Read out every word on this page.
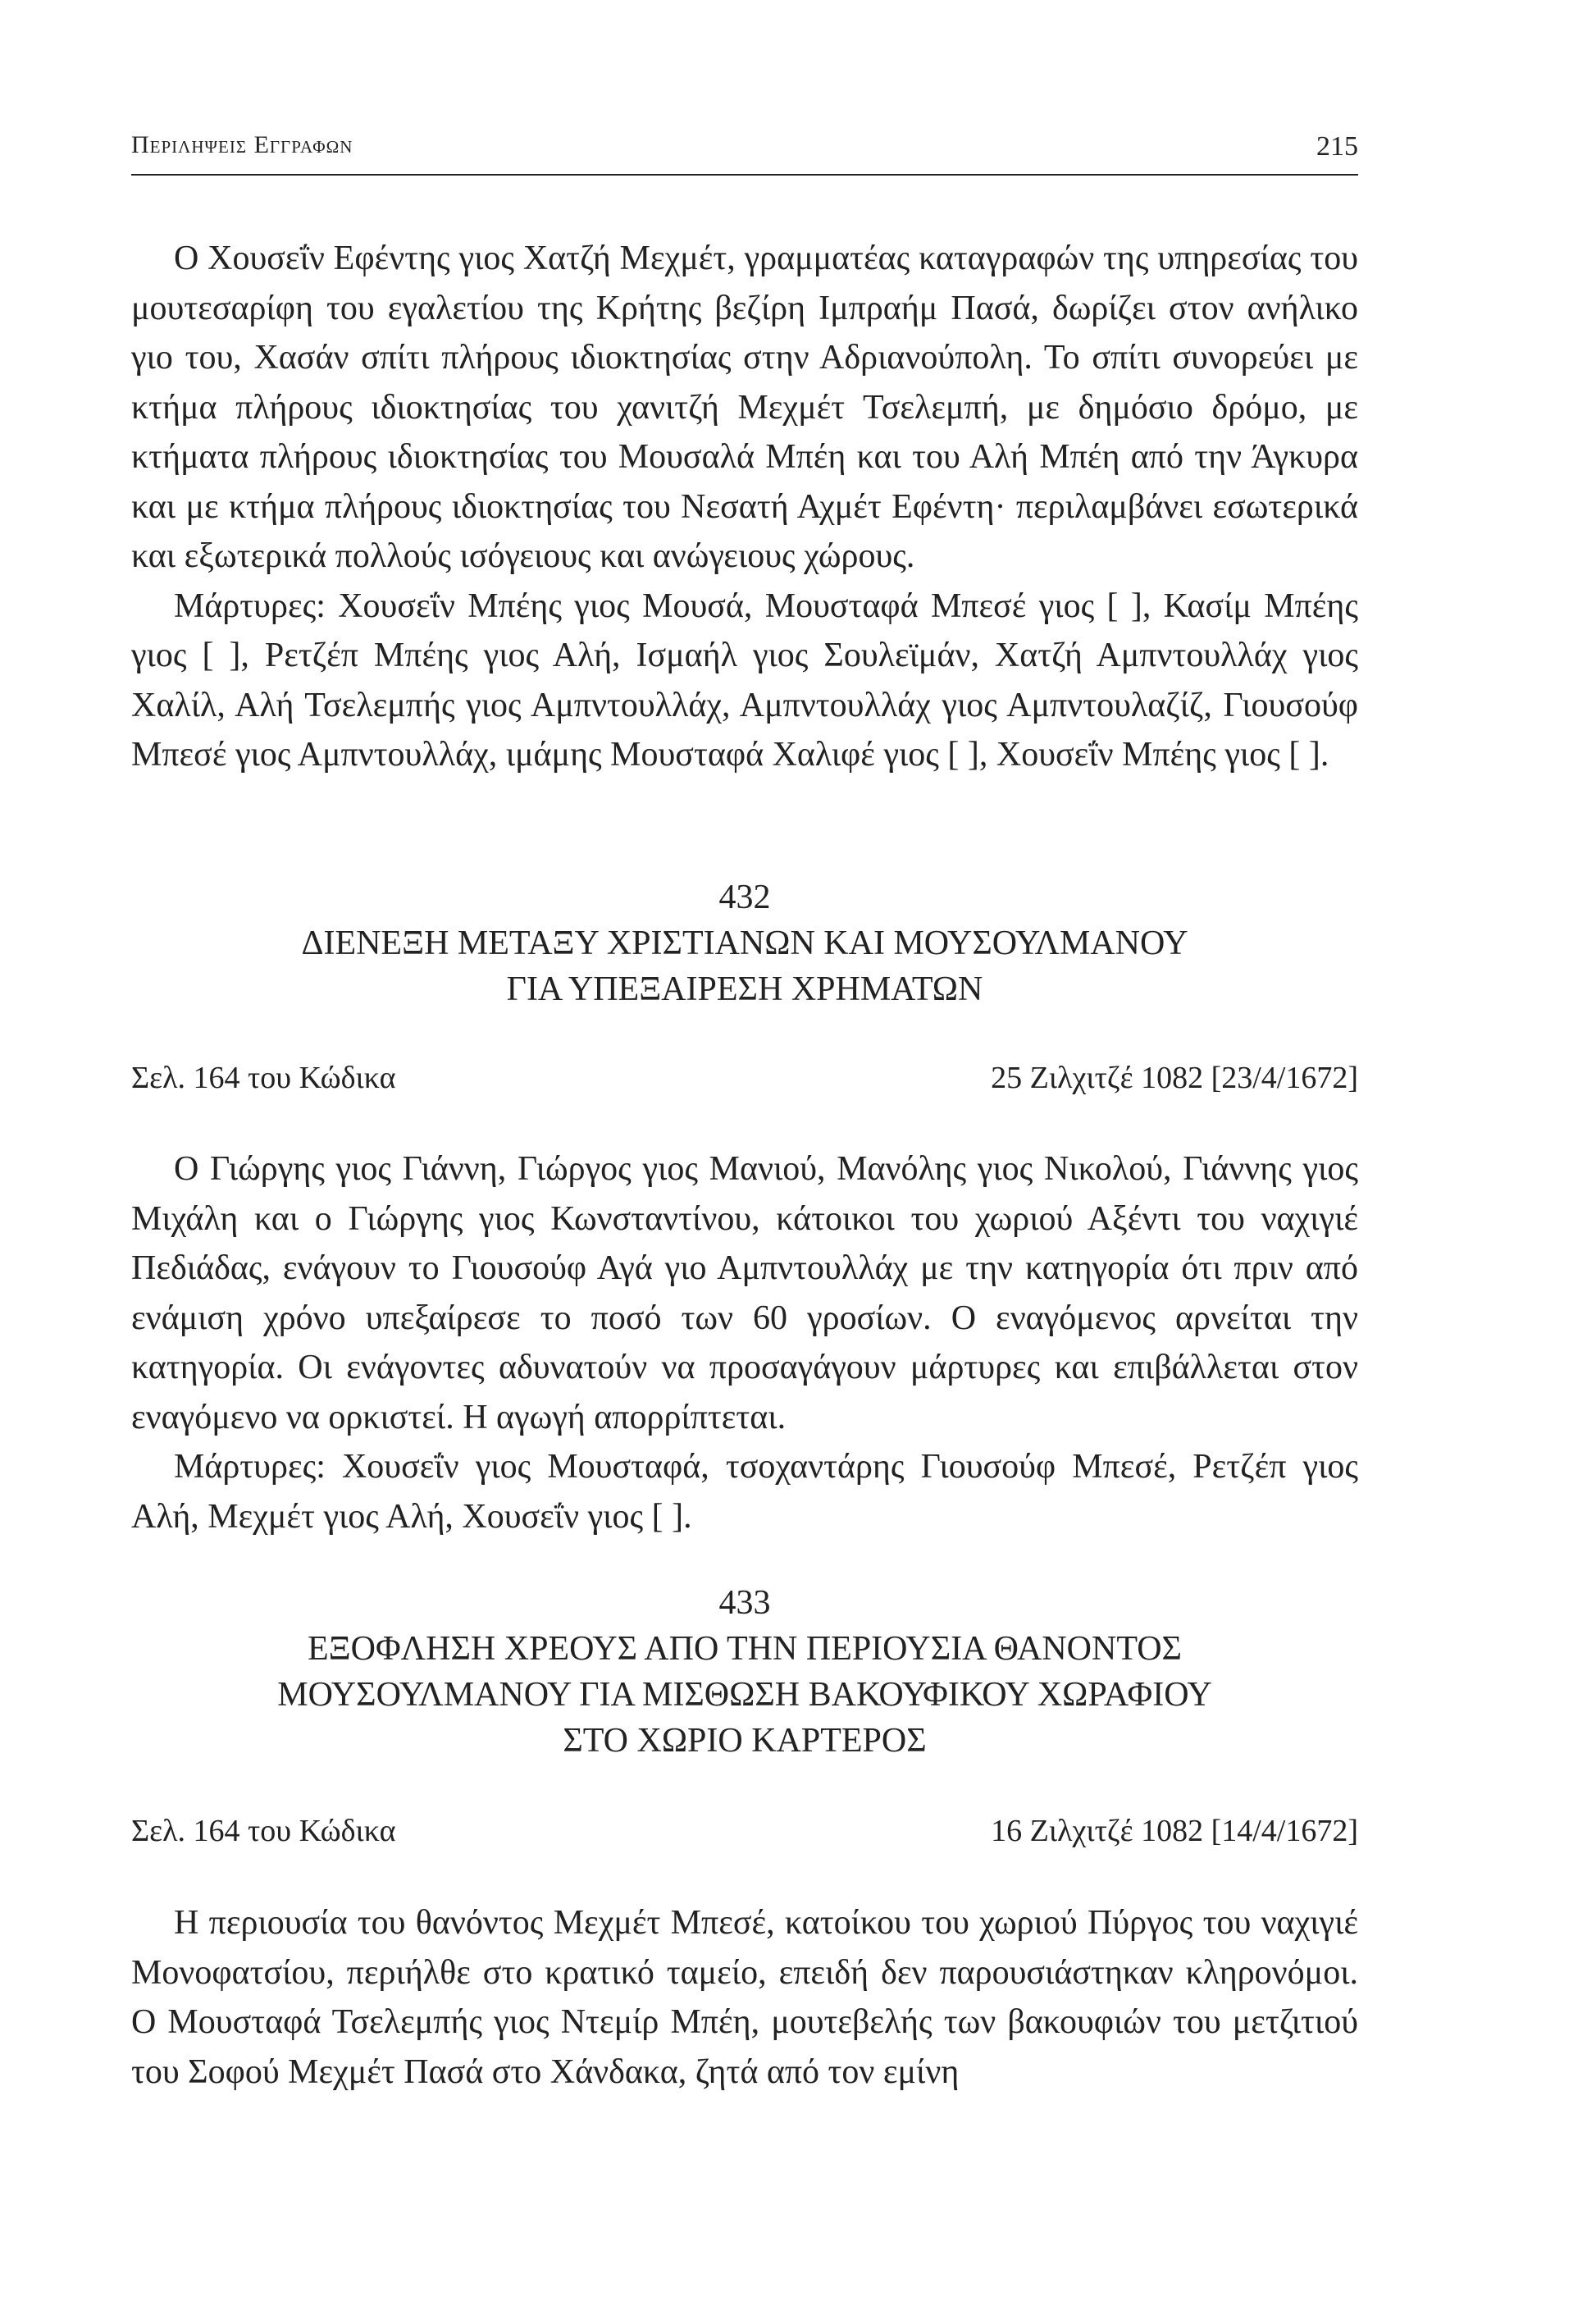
Περιληψεις Εγγραφων	215

Ο Χουσεΐν Εφέντης γιος Χατζή Μεχμέτ, γραμματέας καταγραφών της υπηρεσίας του μουτεσαρίφη του εγαλετίου της Κρήτης βεζίρη Ιμπραήμ Πασά, δωρίζει στον ανήλικο γιο του, Χασάν σπίτι πλήρους ιδιοκτησίας στην Αδριανούπολη. Το σπίτι συνορεύει με κτήμα πλήρους ιδιοκτησίας του χανιτζή Μεχμέτ Τσελεμπή, με δημόσιο δρόμο, με κτήματα πλήρους ιδιοκτησίας του Μουσαλά Μπέη και του Αλή Μπέη από την Άγκυρα και με κτήμα πλήρους ιδιοκτησίας του Νεσατή Αχμέτ Εφέντη· περιλαμβάνει εσωτερικά και εξωτερικά πολλούς ισόγειους και ανώγειους χώρους.

Μάρτυρες: Χουσεΐν Μπέης γιος Μουσά, Μουσταφά Μπεσέ γιος [ ], Κασίμ Μπέης γιος [ ], Ρετζέπ Μπέης γιος Αλή, Ισμαήλ γιος Σουλεϊμάν, Χατζή Αμπντουλλάχ γιος Χαλίλ, Αλή Τσελεμπής γιος Αμπντουλλάχ, Αμπντουλλάχ γιος Αμπντουλαζίζ, Γιουσούφ Μπεσέ γιος Αμπντουλλάχ, ιμάμης Μουσταφά Χαλιφέ γιος [ ], Χουσεΐν Μπέης γιος [ ].

432
ΔΙΕΝΕΞΗ ΜΕΤΑΞΥ ΧΡΙΣΤΙΑΝΩΝ ΚΑΙ ΜΟΥΣΟΥΛΜΑΝΟΥ
ΓΙΑ ΥΠΕΞΑΙΡΕΣΗ ΧΡΗΜΑΤΩΝ
Σελ. 164 του Κώδικα	25 Ζιλχιτζέ 1082 [23/4/1672]

Ο Γιώργης γιος Γιάννη, Γιώργος γιος Μανιού, Μανόλης γιος Νικολού, Γιάννης γιος Μιχάλη και ο Γιώργης γιος Κωνσταντίνου, κάτοικοι του χωριού Αξέντι του ναχιγιέ Πεδιάδας, ενάγουν το Γιουσούφ Αγά γιο Αμπντουλλάχ με την κατηγορία ότι πριν από ενάμιση χρόνο υπεξαίρεσε το ποσό των 60 γροσίων. Ο εναγόμενος αρνείται την κατηγορία. Οι ενάγοντες αδυνατούν να προσαγάγουν μάρτυρες και επιβάλλεται στον εναγόμενο να ορκιστεί. Η αγωγή απορρίπτεται.

Μάρτυρες: Χουσεΐν γιος Μουσταφά, τσοχαντάρης Γιουσούφ Μπεσέ, Ρετζέπ γιος Αλή, Μεχμέτ γιος Αλή, Χουσεΐν γιος [ ].

433
ΕΞΟΦΛΗΣΗ ΧΡΕΟΥΣ ΑΠΟ ΤΗΝ ΠΕΡΙΟΥΣΙΑ ΘΑΝΟΝΤΟΣ
ΜΟΥΣΟΥΛΜΑΝΟΥ ΓΙΑ ΜΙΣΘΩΣΗ ΒΑΚΟΥΦΙΚΟΥ ΧΩΡΑΦΙΟΥ
ΣΤΟ ΧΩΡΙΟ ΚΑΡΤΕΡΟΣ
Σελ. 164 του Κώδικα	16 Ζιλχιτζέ 1082 [14/4/1672]

Η περιουσία του θανόντος Μεχμέτ Μπεσέ, κατοίκου του χωριού Πύργος του ναχιγιέ Μονοφατσίου, περιήλθε στο κρατικό ταμείο, επειδή δεν παρουσιάστηκαν κληρονόμοι. Ο Μουσταφά Τσελεμπής γιος Ντεμίρ Μπέη, μουτεβελής των βακουφιών του μετζιτιού του Σοφού Μεχμέτ Πασά στο Χάνδακα, ζητά από τον εμίνη
